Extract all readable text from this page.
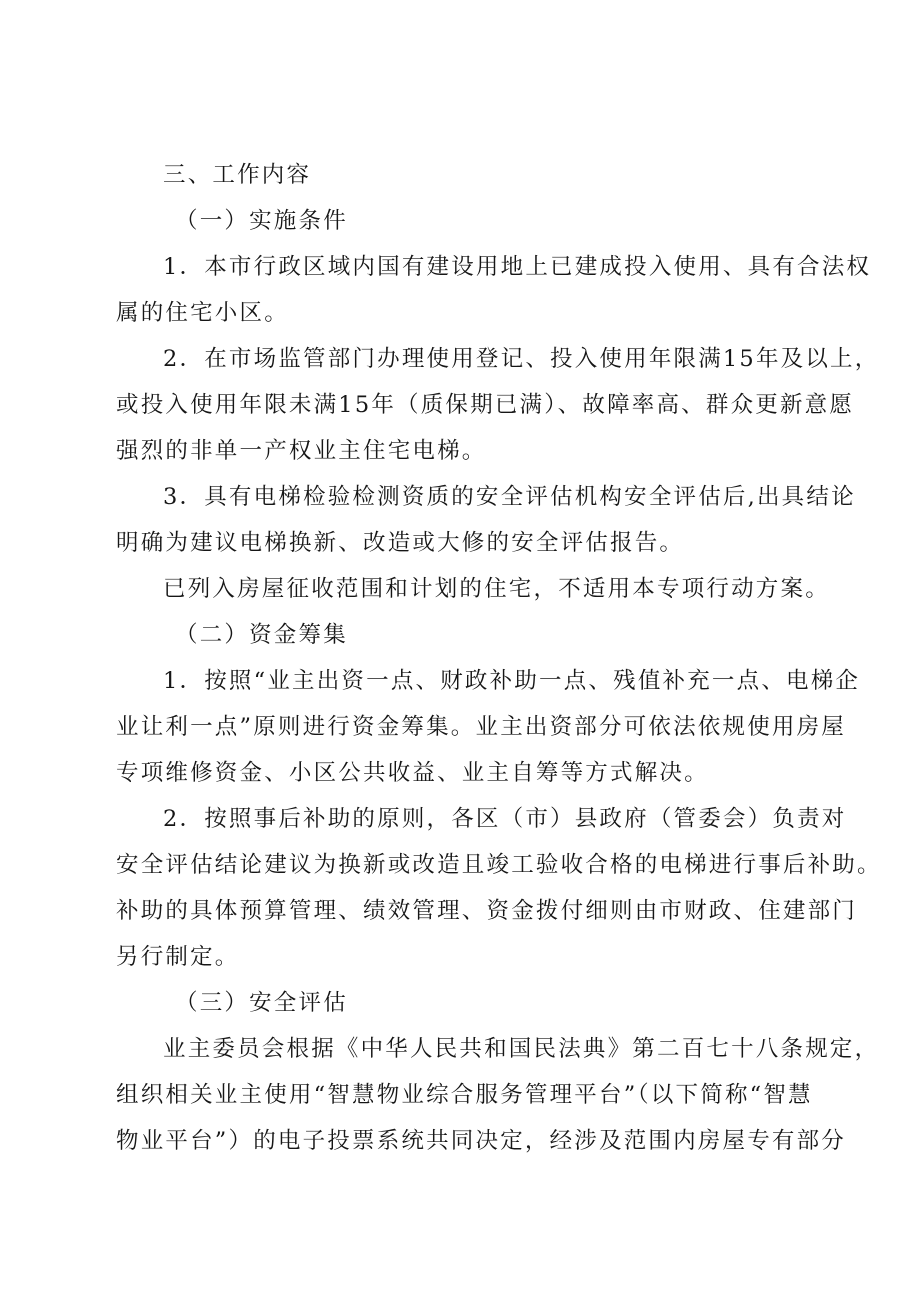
三、工作内容
（一）实施条件
1．本市行政区域内国有建设用地上已建成投入使用、具有合法权
属的住宅小区。
2．在市场监管部门办理使用登记、投入使用年限满15年及以上，
或投入使用年限未满15年（质保期已满）、故障率高、群众更新意愿
强烈的非单一产权业主住宅电梯。
3．具有电梯检验检测资质的安全评估机构安全评估后,出具结论
明确为建议电梯换新、改造或大修的安全评估报告。
已列入房屋征收范围和计划的住宅，不适用本专项行动方案。
（二）资金筹集
1．按照“业主出资一点、财政补助一点、残值补充一点、电梯企
业让利一点”原则进行资金筹集。业主出资部分可依法依规使用房屋
专项维修资金、小区公共收益、业主自筹等方式解决。
2．按照事后补助的原则，各区（市）县政府（管委会）负责对
安全评估结论建议为换新或改造且竣工验收合格的电梯进行事后补助。
补助的具体预算管理、绩效管理、资金拨付细则由市财政、住建部门
另行制定。
（三）安全评估
业主委员会根据《中华人民共和国民法典》第二百七十八条规定，
组织相关业主使用“智慧物业综合服务管理平台”（以下简称“智慧
物业平台”）的电子投票系统共同决定，经涉及范围内房屋专有部分
